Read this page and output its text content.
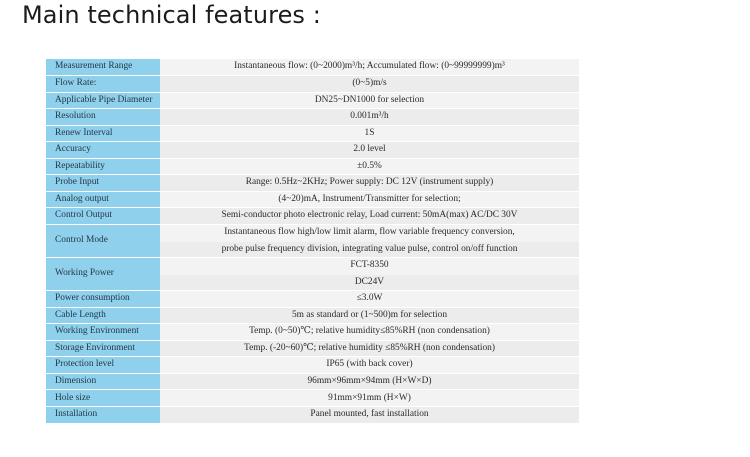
Main technical features :
Measurement Range	Instantaneous flow: (0~2000)m³/h; Accumulated flow: (0~99999999)m³
Flow Rate:	(0~5)m/s
Applicable Pipe Diameter	DN25~DN1000 for selection
Resolution	0.001m³/h
Renew Interval	1S
Accuracy	2.0 level
Repeatability	±0.5%
Probe Input	Range: 0.5Hz~2KHz; Power supply: DC 12V (instrument supply)
Analog output	(4~20)mA, Instrument/Transmitter for selection;
Control Output	Semi-conductor photo electronic relay, Load current: 50mA(max) AC/DC 30V
Control Mode	Instantaneous flow high/low limit alarm, flow variable frequency conversion,
	probe pulse frequency division, integrating value pulse, control on/off function
Working Power	FCT-8350
	DC24V
Power consumption	≤3.0W
Cable Length	5m as standard or (1~500)m for selection
Working Environment	Temp. (0~50)℃; relative humidity≤85%RH (non condensation)
Storage Environment	Temp. (-20~60)℃; relative humidity ≤85%RH (non condensation)
Protection level	IP65 (with back cover)
Dimension	96mm×96mm×94mm (H×W×D)
Hole size	91mm×91mm (H×W)
Installation	Panel mounted, fast installation
